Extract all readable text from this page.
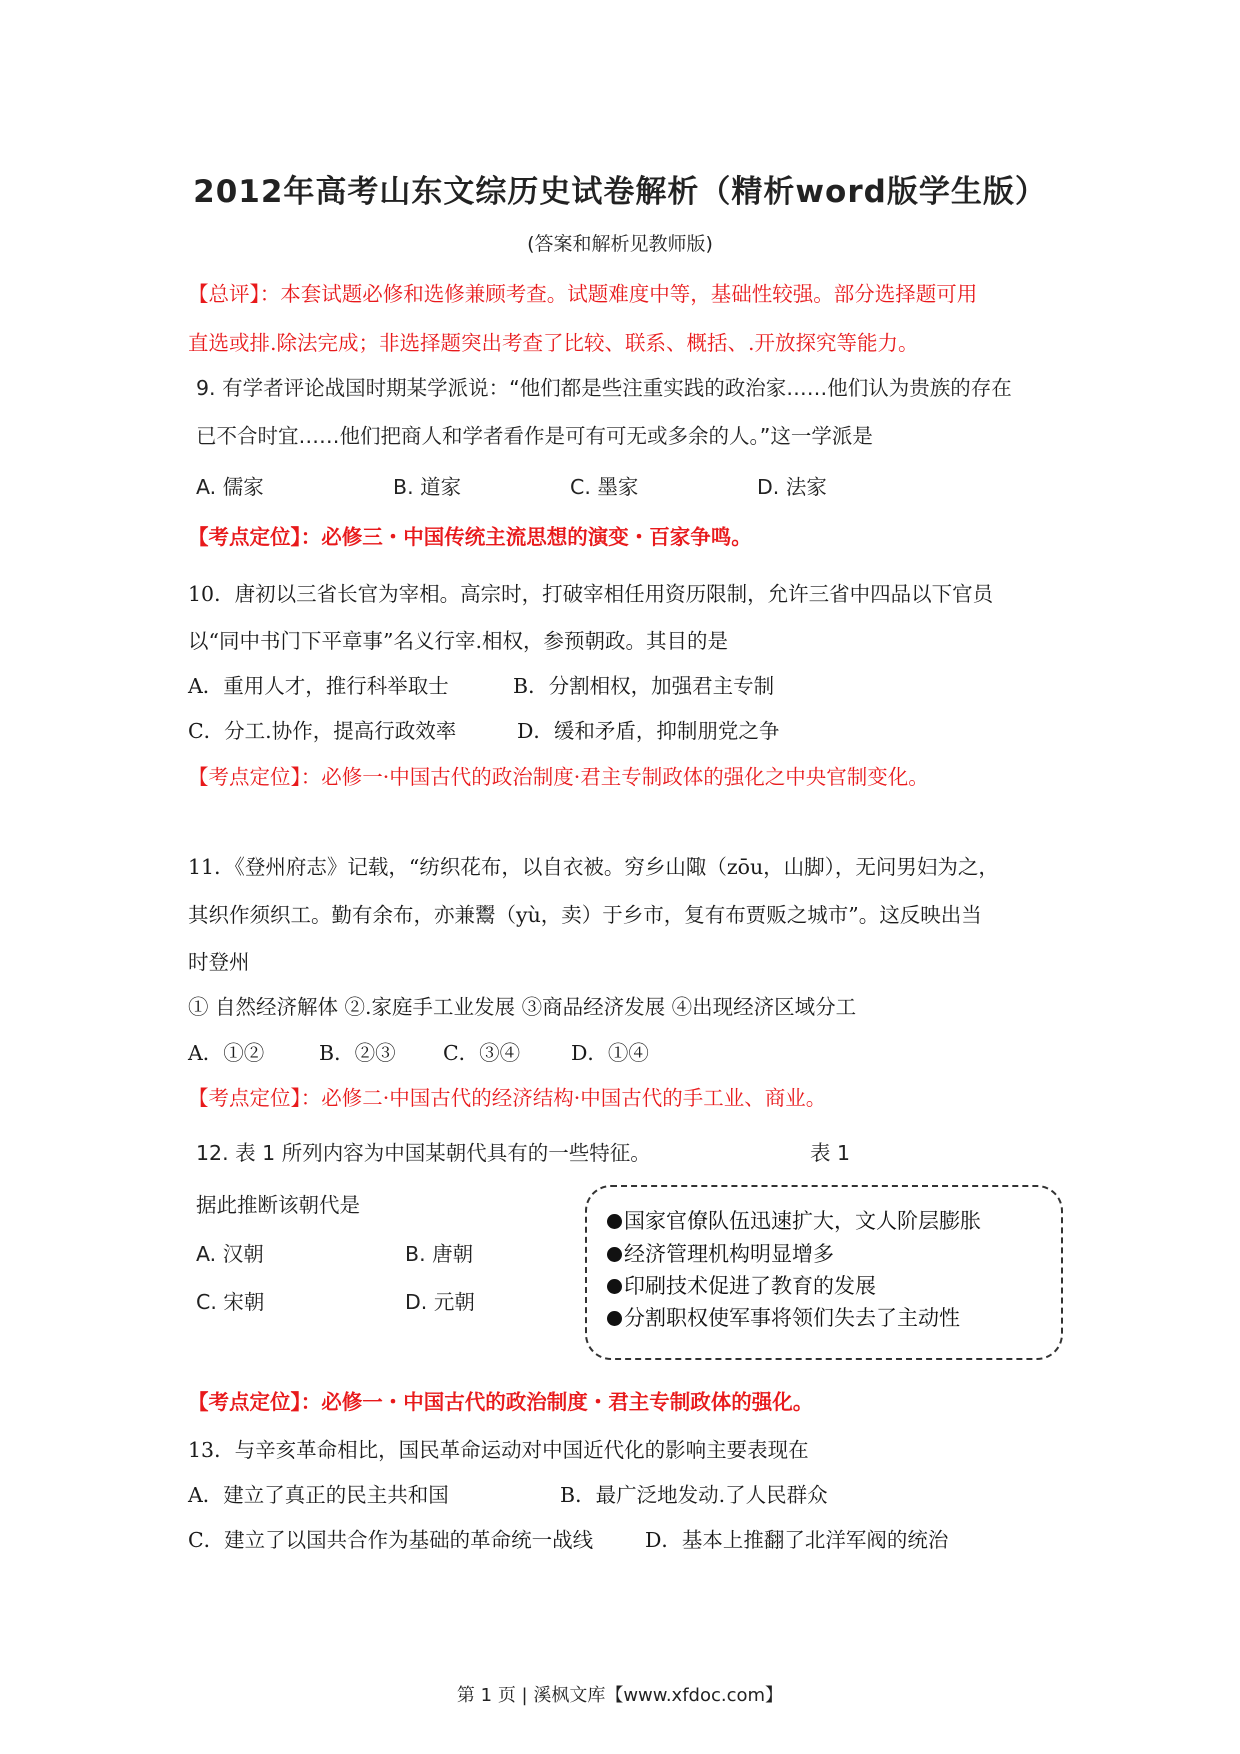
2012年高考山东文综历史试卷解析（精析word版学生版）
(答案和解析见教师版)
【总评】：本套试题必修和选修兼顾考查。试题难度中等，基础性较强。部分选择题可用
直选或排.除法完成；非选择题突出考查了比较、联系、概括、.开放探究等能力。
9. 有学者评论战国时期某学派说：“他们都是些注重实践的政治家……他们认为贵族的存在
已不合时宜……他们把商人和学者看作是可有可无或多余的人。”这一学派是
A. 儒家	B. 道家	C. 墨家	D. 法家
【考点定位】：必修三・中国传统主流思想的演变・百家争鸣。
10．唐初以三省长官为宰相。高宗时，打破宰相任用资历限制，允许三省中四品以下官员
以“同中书门下平章事”名义行宰.相权，参预朝政。其目的是
A．重用人才，推行科举取士	B．分割相权，加强君主专制
C．分工.协作，提高行政效率	D．缓和矛盾，抑制朋党之争
【考点定位】：必修一·中国古代的政治制度·君主专制政体的强化之中央官制变化。
11．《登州府志》记载，“纺织花布，以自衣被。穷乡山陬（zōu，山脚），无问男妇为之，
其织作须织工。勤有余布，亦兼鬻（yù，卖）于乡市，复有布贾贩之城市”。这反映出当
时登州
① 自然经济解体 ②.家庭手工业发展 ③商品经济发展 ④出现经济区域分工
A．①②	B．②③ C．③④ D．①④
【考点定位】：必修二·中国古代的经济结构·中国古代的手工业、商业。
12. 表 1 所列内容为中国某朝代具有的一些特征。	表 1
据此推断该朝代是
A. 汉朝	B. 唐朝
C. 宋朝	D. 元朝
国家官僚队伍迅速扩大，文人阶层膨胀
经济管理机构明显增多
印刷技术促进了教育的发展
分割职权使军事将领们失去了主动性
【考点定位】：必修一・中国古代的政治制度・君主专制政体的强化。
13．与辛亥革命相比，国民革命运动对中国近代化的影响主要表现在
A．建立了真正的民主共和国	B．最广泛地发动.了人民群众
C．建立了以国共合作为基础的革命统一战线	D．基本上推翻了北洋军阀的统治
第 1 页 | 溪枫文库【www.xfdoc.com】
